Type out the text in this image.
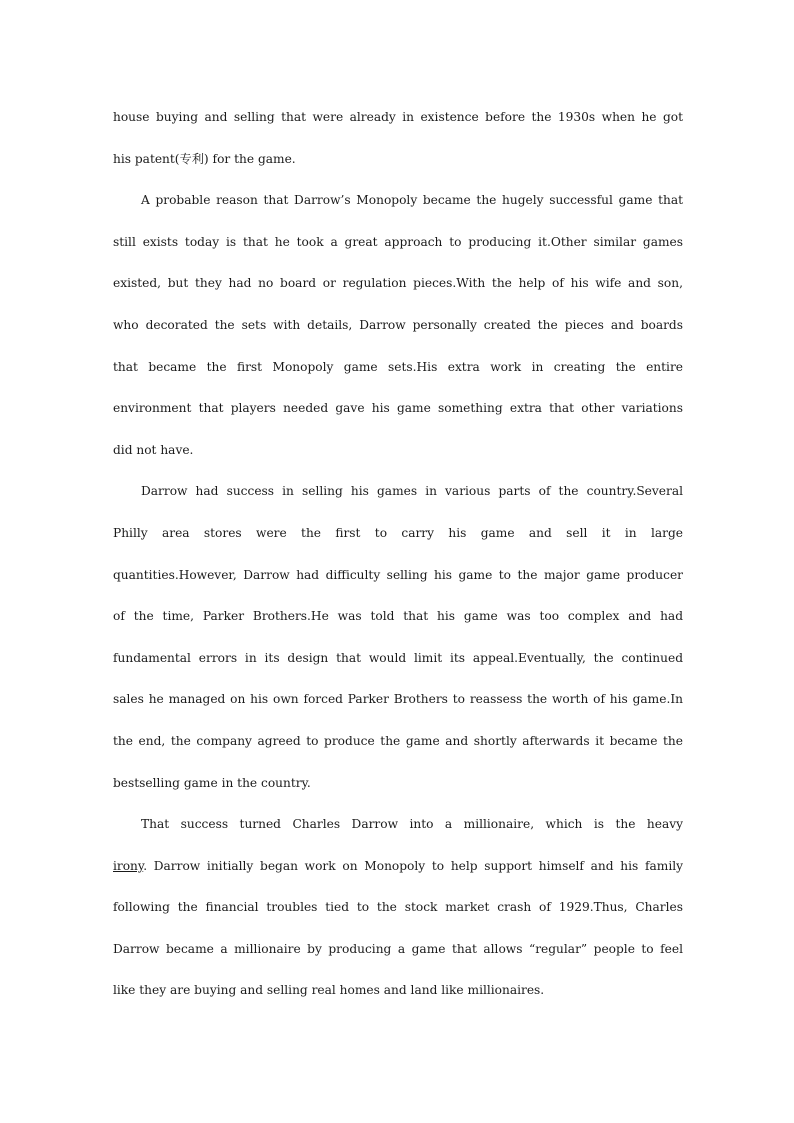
house buying and selling that were already in existence before the 1930s when he got
his patent(专利) for the game.
A probable reason that Darrow’s Monopoly became the hugely successful game that
still exists today is that he took a great approach to producing it.Other similar games
existed, but they had no board or regulation pieces.With the help of his wife and son,
who decorated the sets with details, Darrow personally created the pieces and boards
that became the first Monopoly game sets.His extra work in creating the entire
environment that players needed gave his game something extra that other variations
did not have.
Darrow had success in selling his games in various parts of the country.Several
Philly area stores were the first to carry his game and sell it in large
quantities.However, Darrow had difficulty selling his game to the major game producer
of the time, Parker Brothers.He was told that his game was too complex and had
fundamental errors in its design that would limit its appeal.Eventually, the continued
sales he managed on his own forced Parker Brothers to reassess the worth of his game.In
the end, the company agreed to produce the game and shortly afterwards it became the
bestselling game in the country.
That success turned Charles Darrow into a millionaire, which is the heavy
irony. Darrow initially began work on Monopoly to help support himself and his family
following the financial troubles tied to the stock market crash of 1929.Thus, Charles
Darrow became a millionaire by producing a game that allows “regular” people to feel
like they are buying and selling real homes and land like millionaires.
